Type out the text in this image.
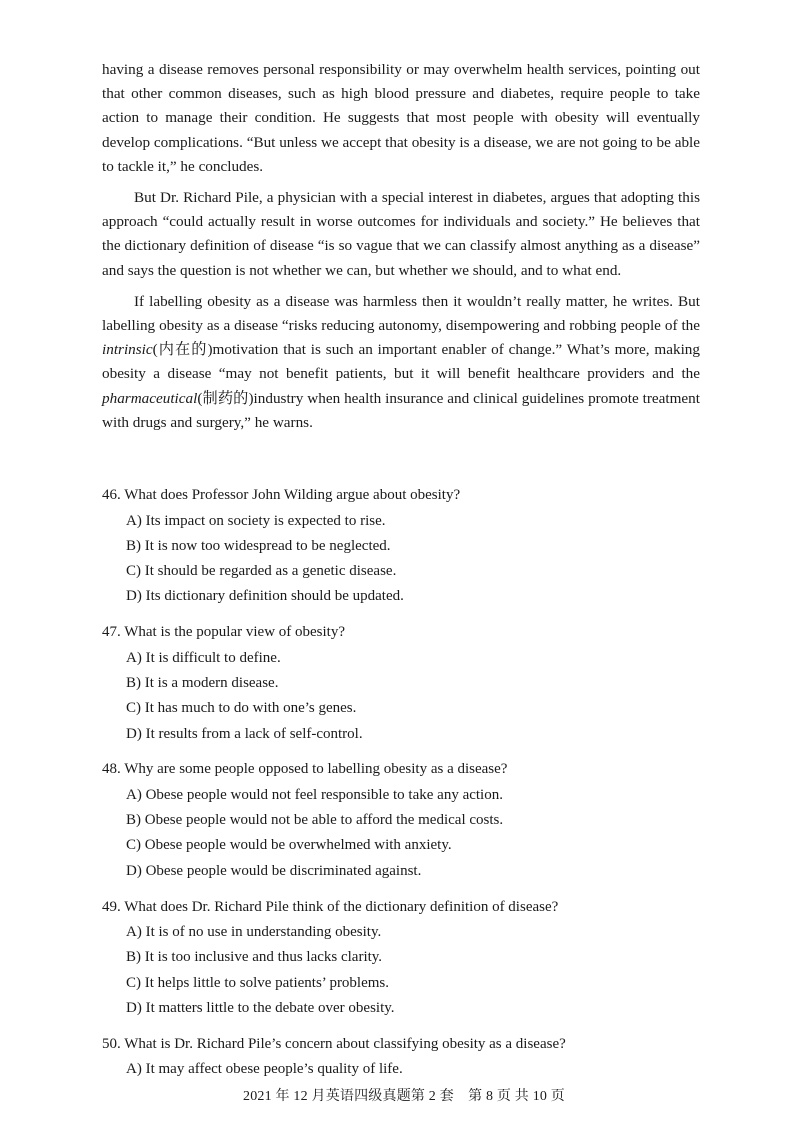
having a disease removes personal responsibility or may overwhelm health services, pointing out that other common diseases, such as high blood pressure and diabetes, require people to take action to manage their condition. He suggests that most people with obesity will eventually develop complications. “But unless we accept that obesity is a disease, we are not going to be able to tackle it,” he concludes.

But Dr. Richard Pile, a physician with a special interest in diabetes, argues that adopting this approach “could actually result in worse outcomes for individuals and society.” He believes that the dictionary definition of disease “is so vague that we can classify almost anything as a disease” and says the question is not whether we can, but whether we should, and to what end.

If labelling obesity as a disease was harmless then it wouldn’t really matter, he writes. But labelling obesity as a disease “risks reducing autonomy, disempowering and robbing people of the intrinsic(内在的)motivation that is such an important enabler of change.” What’s more, making obesity a disease “may not benefit patients, but it will benefit healthcare providers and the pharmaceutical(制药的)industry when health insurance and clinical guidelines promote treatment with drugs and surgery,” he warns.

46. What does Professor John Wilding argue about obesity?
A) Its impact on society is expected to rise.
B) It is now too widespread to be neglected.
C) It should be regarded as a genetic disease.
D) Its dictionary definition should be updated.
47. What is the popular view of obesity?
A) It is difficult to define.
B) It is a modern disease.
C) It has much to do with one’s genes.
D) It results from a lack of self-control.
48. Why are some people opposed to labelling obesity as a disease?
A) Obese people would not feel responsible to take any action.
B) Obese people would not be able to afford the medical costs.
C) Obese people would be overwhelmed with anxiety.
D) Obese people would be discriminated against.
49. What does Dr. Richard Pile think of the dictionary definition of disease?
A) It is of no use in understanding obesity.
B) It is too inclusive and thus lacks clarity.
C) It helps little to solve patients’ problems.
D) It matters little to the debate over obesity.
50. What is Dr. Richard Pile’s concern about classifying obesity as a disease?
A) It may affect obese people’s quality of life.
2021 年 12 月英语四级真题第 2 套　第 8 页 共 10 页
